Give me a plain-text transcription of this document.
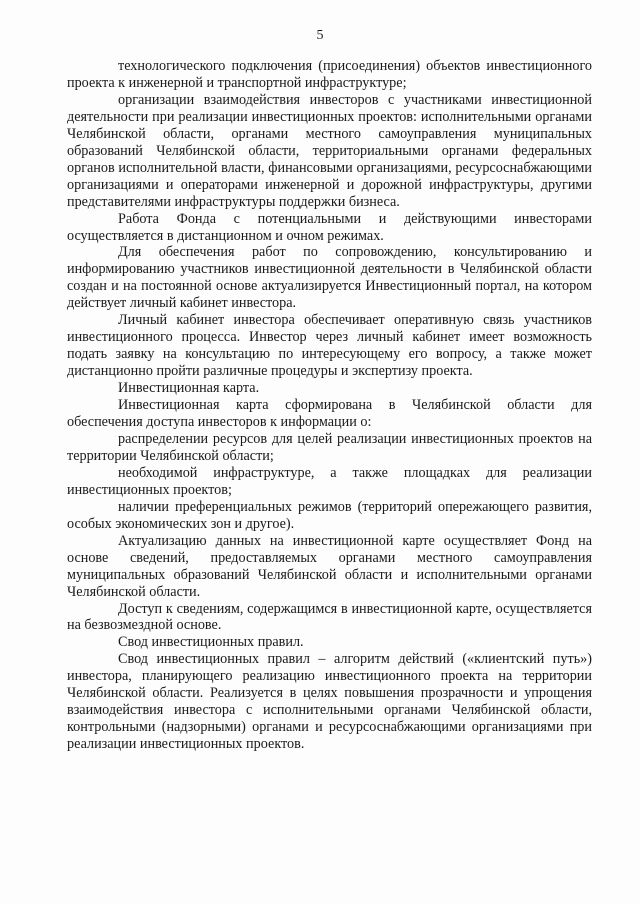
5

технологического подключения (присоединения) объектов инвестиционного проекта к инженерной и транспортной инфраструктуре;

организации взаимодействия инвесторов с участниками инвестиционной деятельности при реализации инвестиционных проектов: исполнительными органами Челябинской области, органами местного самоуправления муниципальных образований Челябинской области, территориальными органами федеральных органов исполнительной власти, финансовыми организациями, ресурсоснабжающими организациями и операторами инженерной и дорожной инфраструктуры, другими представителями инфраструктуры поддержки бизнеса.

Работа Фонда с потенциальными и действующими инвесторами осуществляется в дистанционном и очном режимах.

Для обеспечения работ по сопровождению, консультированию и информированию участников инвестиционной деятельности в Челябинской области создан и на постоянной основе актуализируется Инвестиционный портал, на котором действует личный кабинет инвестора.

Личный кабинет инвестора обеспечивает оперативную связь участников инвестиционного процесса. Инвестор через личный кабинет имеет возможность подать заявку на консультацию по интересующему его вопросу, а также может дистанционно пройти различные процедуры и экспертизу проекта.

Инвестиционная карта.

Инвестиционная карта сформирована в Челябинской области для обеспечения доступа инвесторов к информации о:

распределении ресурсов для целей реализации инвестиционных проектов на территории Челябинской области;

необходимой инфраструктуре, а также площадках для реализации инвестиционных проектов;

наличии преференциальных режимов (территорий опережающего развития, особых экономических зон и другое).

Актуализацию данных на инвестиционной карте осуществляет Фонд на основе сведений, предоставляемых органами местного самоуправления муниципальных образований Челябинской области и исполнительными органами Челябинской области.

Доступ к сведениям, содержащимся в инвестиционной карте, осуществляется на безвозмездной основе.

Свод инвестиционных правил.

Свод инвестиционных правил – алгоритм действий («клиентский путь») инвестора, планирующего реализацию инвестиционного проекта на территории Челябинской области. Реализуется в целях повышения прозрачности и упрощения взаимодействия инвестора с исполнительными органами Челябинской области, контрольными (надзорными) органами и ресурсоснабжающими организациями при реализации инвестиционных проектов.
